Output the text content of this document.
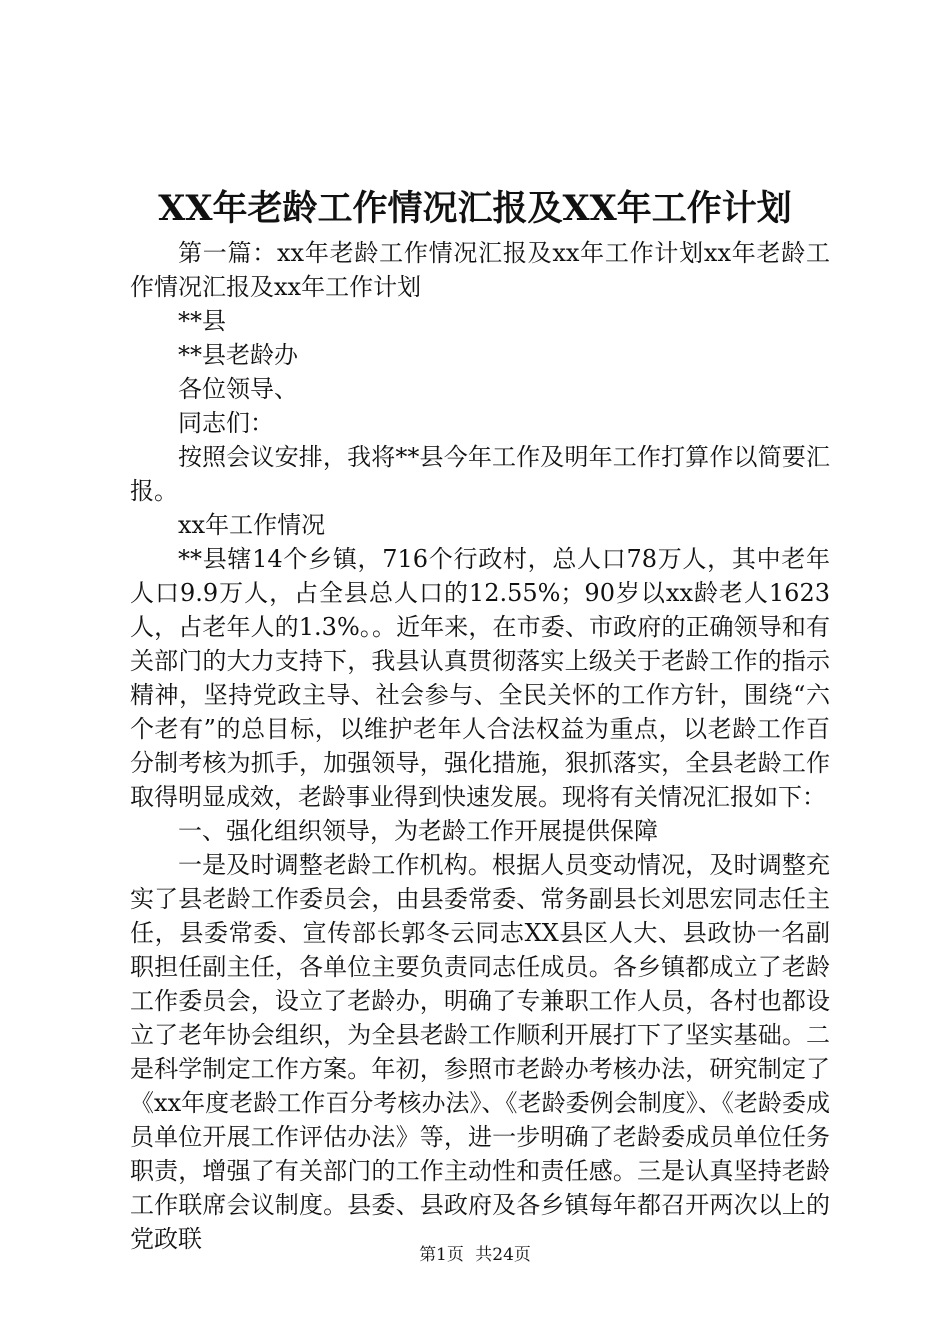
XX年老龄工作情况汇报及XX年工作计划

第一篇：xx年老龄工作情况汇报及xx年工作计划xx年老龄工作情况汇报及xx年工作计划

**县

**县老龄办

各位领导、

同志们：

按照会议安排，我将**县今年工作及明年工作打算作以简要汇报。

xx年工作情况

**县辖14个乡镇，716个行政村，总人口78万人，其中老年人口9.9万人，占全县总人口的12.55%；90岁以xx龄老人1623人，占老年人的1.3%。。近年来，在市委、市政府的正确领导和有关部门的大力支持下，我县认真贯彻落实上级关于老龄工作的指示精神，坚持党政主导、社会参与、全民关怀的工作方针，围绕“六个老有”的总目标，以维护老年人合法权益为重点，以老龄工作百分制考核为抓手，加强领导，强化措施，狠抓落实，全县老龄工作取得明显成效，老龄事业得到快速发展。现将有关情况汇报如下：

一、强化组织领导，为老龄工作开展提供保障

一是及时调整老龄工作机构。根据人员变动情况，及时调整充实了县老龄工作委员会，由县委常委、常务副县长刘思宏同志任主任，县委常委、宣传部长郭冬云同志XX县区人大、县政协一名副职担任副主任，各单位主要负责同志任成员。各乡镇都成立了老龄工作委员会，设立了老龄办，明确了专兼职工作人员，各村也都设立了老年协会组织，为全县老龄工作顺利开展打下了坚实基础。二是科学制定工作方案。年初，参照市老龄办考核办法，研究制定了《xx年度老龄工作百分考核办法》、《老龄委例会制度》、《老龄委成员单位开展工作评估办法》等，进一步明确了老龄委成员单位任务职责，增强了有关部门的工作主动性和责任感。三是认真坚持老龄工作联席会议制度。县委、县政府及各乡镇每年都召开两次以上的党政联

第1页 共24页
